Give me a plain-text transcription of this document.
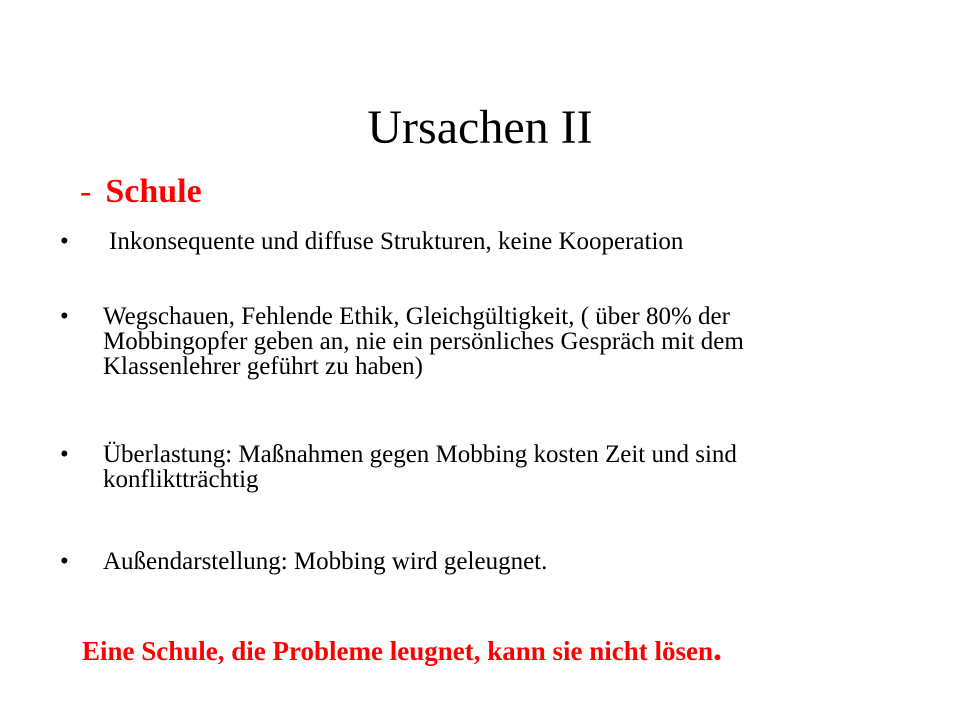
Ursachen II
- Schule
• Inkonsequente und diffuse Strukturen, keine Kooperation
• Wegschauen, Fehlende Ethik, Gleichgültigkeit, ( über 80% der Mobbingopfer geben an, nie ein persönliches Gespräch mit dem Klassenlehrer geführt zu haben)
• Überlastung: Maßnahmen gegen Mobbing kosten Zeit und sind konfliktträchtig
• Außendarstellung: Mobbing wird geleugnet.
Eine Schule, die Probleme leugnet, kann sie nicht lösen.
